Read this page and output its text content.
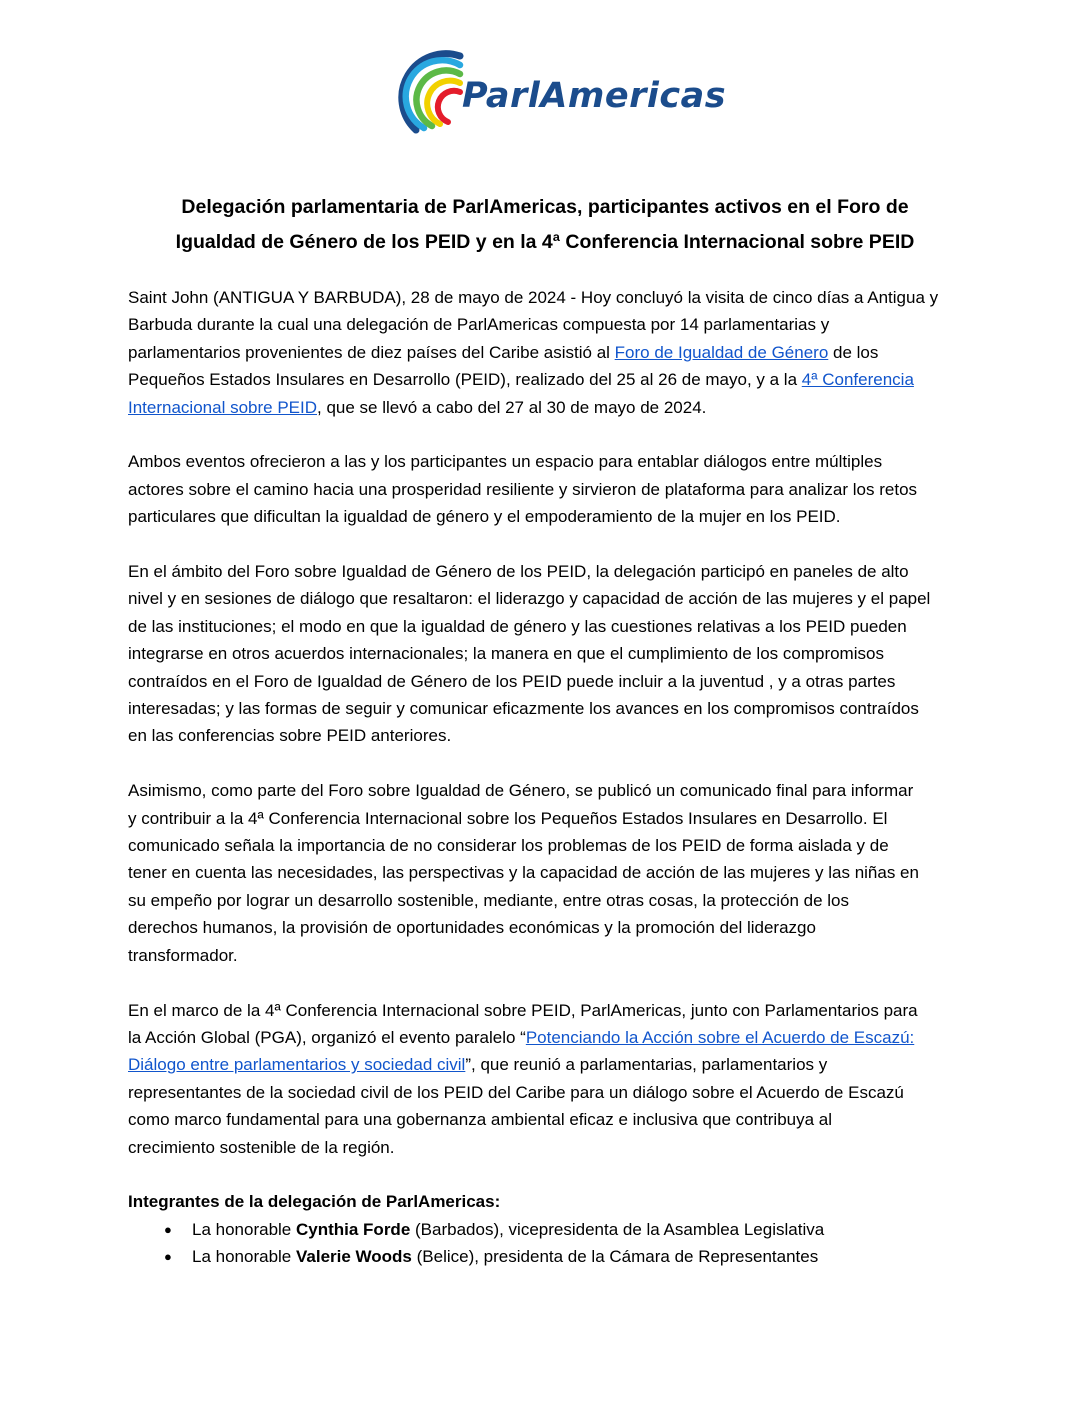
ParlAmericas
Delegación parlamentaria de ParlAmericas, participantes activos en el Foro de
Igualdad de Género de los PEID y en la 4ª Conferencia Internacional sobre PEID

Saint John (ANTIGUA Y BARBUDA), 28 de mayo de 2024 - Hoy concluyó la visita de cinco días a Antigua y
Barbuda durante la cual una delegación de ParlAmericas compuesta por 14 parlamentarias y
parlamentarios provenientes de diez países del Caribe asistió al Foro de Igualdad de Género de los
Pequeños Estados Insulares en Desarrollo (PEID), realizado del 25 al 26 de mayo, y a la 4ª Conferencia
Internacional sobre PEID, que se llevó a cabo del 27 al 30 de mayo de 2024.

Ambos eventos ofrecieron a las y los participantes un espacio para entablar diálogos entre múltiples
actores sobre el camino hacia una prosperidad resiliente y sirvieron de plataforma para analizar los retos
particulares que dificultan la igualdad de género y el empoderamiento de la mujer en los PEID.

En el ámbito del Foro sobre Igualdad de Género de los PEID, la delegación participó en paneles de alto
nivel y en sesiones de diálogo que resaltaron: el liderazgo y capacidad de acción de las mujeres y el papel
de las instituciones; el modo en que la igualdad de género y las cuestiones relativas a los PEID pueden
integrarse en otros acuerdos internacionales; la manera en que el cumplimiento de los compromisos
contraídos en el Foro de Igualdad de Género de los PEID puede incluir a la juventud , y a otras partes
interesadas; y las formas de seguir y comunicar eficazmente los avances en los compromisos contraídos
en las conferencias sobre PEID anteriores.

Asimismo, como parte del Foro sobre Igualdad de Género, se publicó un comunicado final para informar
y contribuir a la 4ª Conferencia Internacional sobre los Pequeños Estados Insulares en Desarrollo. El
comunicado señala la importancia de no considerar los problemas de los PEID de forma aislada y de
tener en cuenta las necesidades, las perspectivas y la capacidad de acción de las mujeres y las niñas en
su empeño por lograr un desarrollo sostenible, mediante, entre otras cosas, la protección de los
derechos humanos, la provisión de oportunidades económicas y la promoción del liderazgo
transformador.

En el marco de la 4ª Conferencia Internacional sobre PEID, ParlAmericas, junto con Parlamentarios para
la Acción Global (PGA), organizó el evento paralelo “Potenciando la Acción sobre el Acuerdo de Escazú:
Diálogo entre parlamentarios y sociedad civil”, que reunió a parlamentarias, parlamentarios y
representantes de la sociedad civil de los PEID del Caribe para un diálogo sobre el Acuerdo de Escazú
como marco fundamental para una gobernanza ambiental eficaz e inclusiva que contribuya al
crecimiento sostenible de la región.

Integrantes de la delegación de ParlAmericas:
● La honorable Cynthia Forde (Barbados), vicepresidenta de la Asamblea Legislativa
● La honorable Valerie Woods (Belice), presidenta de la Cámara de Representantes
